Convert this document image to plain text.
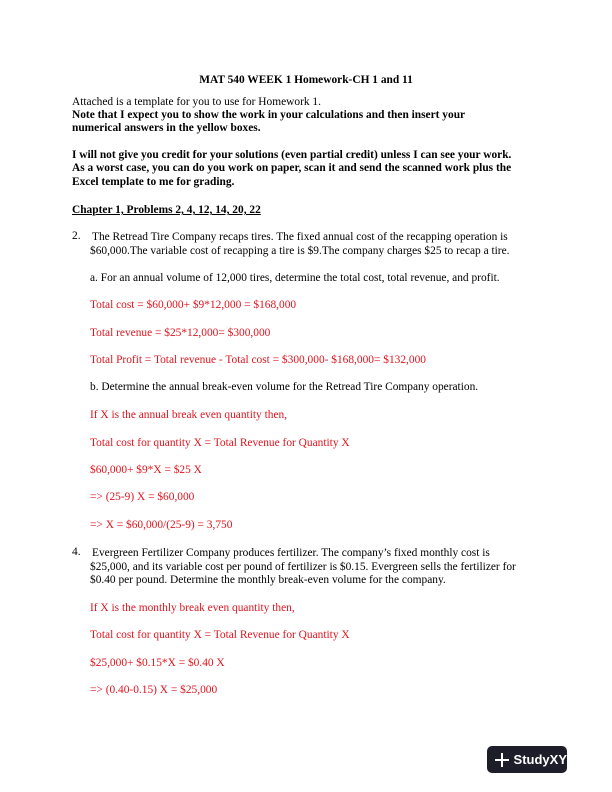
MAT 540 WEEK 1 Homework-CH 1 and 11
Attached is a template for you to use for Homework 1.
Note that I expect you to show the work in your calculations and then insert your
numerical answers in the yellow boxes.
I will not give you credit for your solutions (even partial credit) unless I can see your work.
As a worst case, you can do you work on paper, scan it and send the scanned work plus the
Excel template to me for grading.
Chapter 1, Problems 2, 4, 12, 14, 20, 22
2. The Retread Tire Company recaps tires. The fixed annual cost of the recapping operation is
$60,000.The variable cost of recapping a tire is $9.The company charges $25 to recap a tire.
a. For an annual volume of 12,000 tires, determine the total cost, total revenue, and profit.
Total cost = $60,000+ $9*12,000 = $168,000
Total revenue = $25*12,000= $300,000
Total Profit = Total revenue - Total cost = $300,000- $168,000= $132,000
b. Determine the annual break-even volume for the Retread Tire Company operation.
If X is the annual break even quantity then,
Total cost for quantity X = Total Revenue for Quantity X
$60,000+ $9*X = $25 X
=> (25-9) X = $60,000
=> X = $60,000/(25-9) = 3,750
4. Evergreen Fertilizer Company produces fertilizer. The company’s fixed monthly cost is
$25,000, and its variable cost per pound of fertilizer is $0.15. Evergreen sells the fertilizer for
$0.40 per pound. Determine the monthly break-even volume for the company.
If X is the monthly break even quantity then,
Total cost for quantity X = Total Revenue for Quantity X
$25,000+ $0.15*X = $0.40 X
=> (0.40-0.15) X = $25,000
StudyXY
